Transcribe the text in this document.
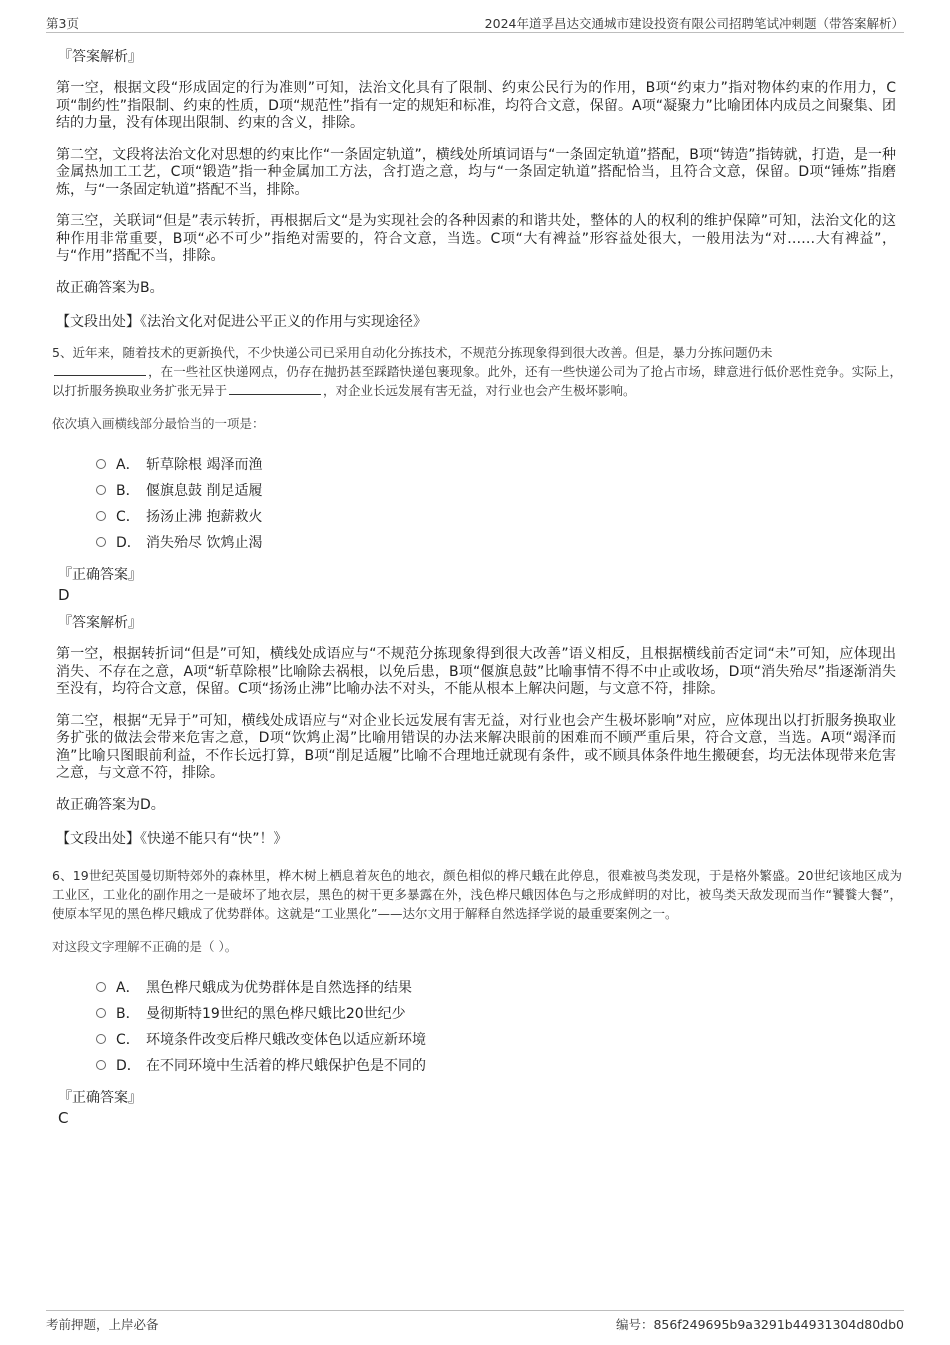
第3页	2024年道孚昌达交通城市建设投资有限公司招聘笔试冲刺题（带答案解析）
『答案解析』

第一空，根据文段“形成固定的行为准则”可知，法治文化具有了限制、约束公民行为的作用，B项“约束力”指对物体约束的作用力，C项“制约性”指限制、约束的性质，D项“规范性”指有一定的规矩和标准，均符合文意，保留。A项“凝聚力”比喻团体内成员之间聚集、团结的力量，没有体现出限制、约束的含义，排除。

第二空，文段将法治文化对思想的约束比作“一条固定轨道”，横线处所填词语与“一条固定轨道”搭配，B项“铸造”指铸就，打造，是一种金属热加工工艺，C项“锻造”指一种金属加工方法，含打造之意，均与“一条固定轨道”搭配恰当，且符合文意，保留。D项“锤炼”指磨炼，与“一条固定轨道”搭配不当，排除。

第三空，关联词“但是”表示转折，再根据后文“是为实现社会的各种因素的和谐共处，整体的人的权利的维护保障”可知，法治文化的这种作用非常重要，B项“必不可少”指绝对需要的，符合文意，当选。C项“大有裨益”形容益处很大，一般用法为“对……大有裨益”，与“作用”搭配不当，排除。

故正确答案为B。

【文段出处】《法治文化对促进公平正义的作用与实现途径》
5、近年来，随着技术的更新换代，不少快递公司已采用自动化分拣技术，不规范分拣现象得到很大改善。但是，暴力分拣问题仍未
，在一些社区快递网点，仍存在抛扔甚至踩踏快递包裹现象。此外，还有一些快递公司为了抢占市场，肆意进行低价恶性竞争。实际上，以打折服务换取业务扩张无异于	，对企业长远发展有害无益，对行业也会产生极坏影响。
依次填入画横线部分最恰当的一项是：
A． 斩草除根 竭泽而渔
B． 偃旗息鼓 削足适履
C． 扬汤止沸 抱薪救火
D． 消失殆尽 饮鸩止渴
『正确答案』
D
『答案解析』

第一空，根据转折词“但是”可知，横线处成语应与“不规范分拣现象得到很大改善”语义相反，且根据横线前否定词“未”可知，应体现出消失、不存在之意，A项“斩草除根”比喻除去祸根，以免后患，B项“偃旗息鼓”比喻事情不得不中止或收场，D项“消失殆尽”指逐渐消失至没有，均符合文意，保留。C项“扬汤止沸”比喻办法不对头，不能从根本上解决问题，与文意不符，排除。

第二空，根据“无异于”可知，横线处成语应与“对企业长远发展有害无益，对行业也会产生极坏影响”对应，应体现出以打折服务换取业务扩张的做法会带来危害之意，D项“饮鸩止渴”比喻用错误的办法来解决眼前的困难而不顾严重后果，符合文意，当选。A项“竭泽而渔”比喻只图眼前利益，不作长远打算，B项“削足适履”比喻不合理地迁就现有条件，或不顾具体条件地生搬硬套，均无法体现带来危害之意，与文意不符，排除。

故正确答案为D。

【文段出处】《快递不能只有“快”！》
6、19世纪英国曼切斯特郊外的森林里，桦木树上栖息着灰色的地衣，颜色相似的桦尺蛾在此停息，很难被鸟类发现，于是格外繁盛。20世纪该地区成为工业区，工业化的副作用之一是破坏了地衣层，黑色的树干更多暴露在外，浅色桦尺蛾因体色与之形成鲜明的对比，被鸟类天敌发现而当作“饕餮大餐”，使原本罕见的黑色桦尺蛾成了优势群体。这就是“工业黑化”——达尔文用于解释自然选择学说的最重要案例之一。
对这段文字理解不正确的是（ ）。
A． 黑色桦尺蛾成为优势群体是自然选择的结果
B． 曼彻斯特19世纪的黑色桦尺蛾比20世纪少
C． 环境条件改变后桦尺蛾改变体色以适应新环境
D． 在不同环境中生活着的桦尺蛾保护色是不同的
『正确答案』
C
考前押题，上岸必备	编号：856f249695b9a3291b44931304d80db0
